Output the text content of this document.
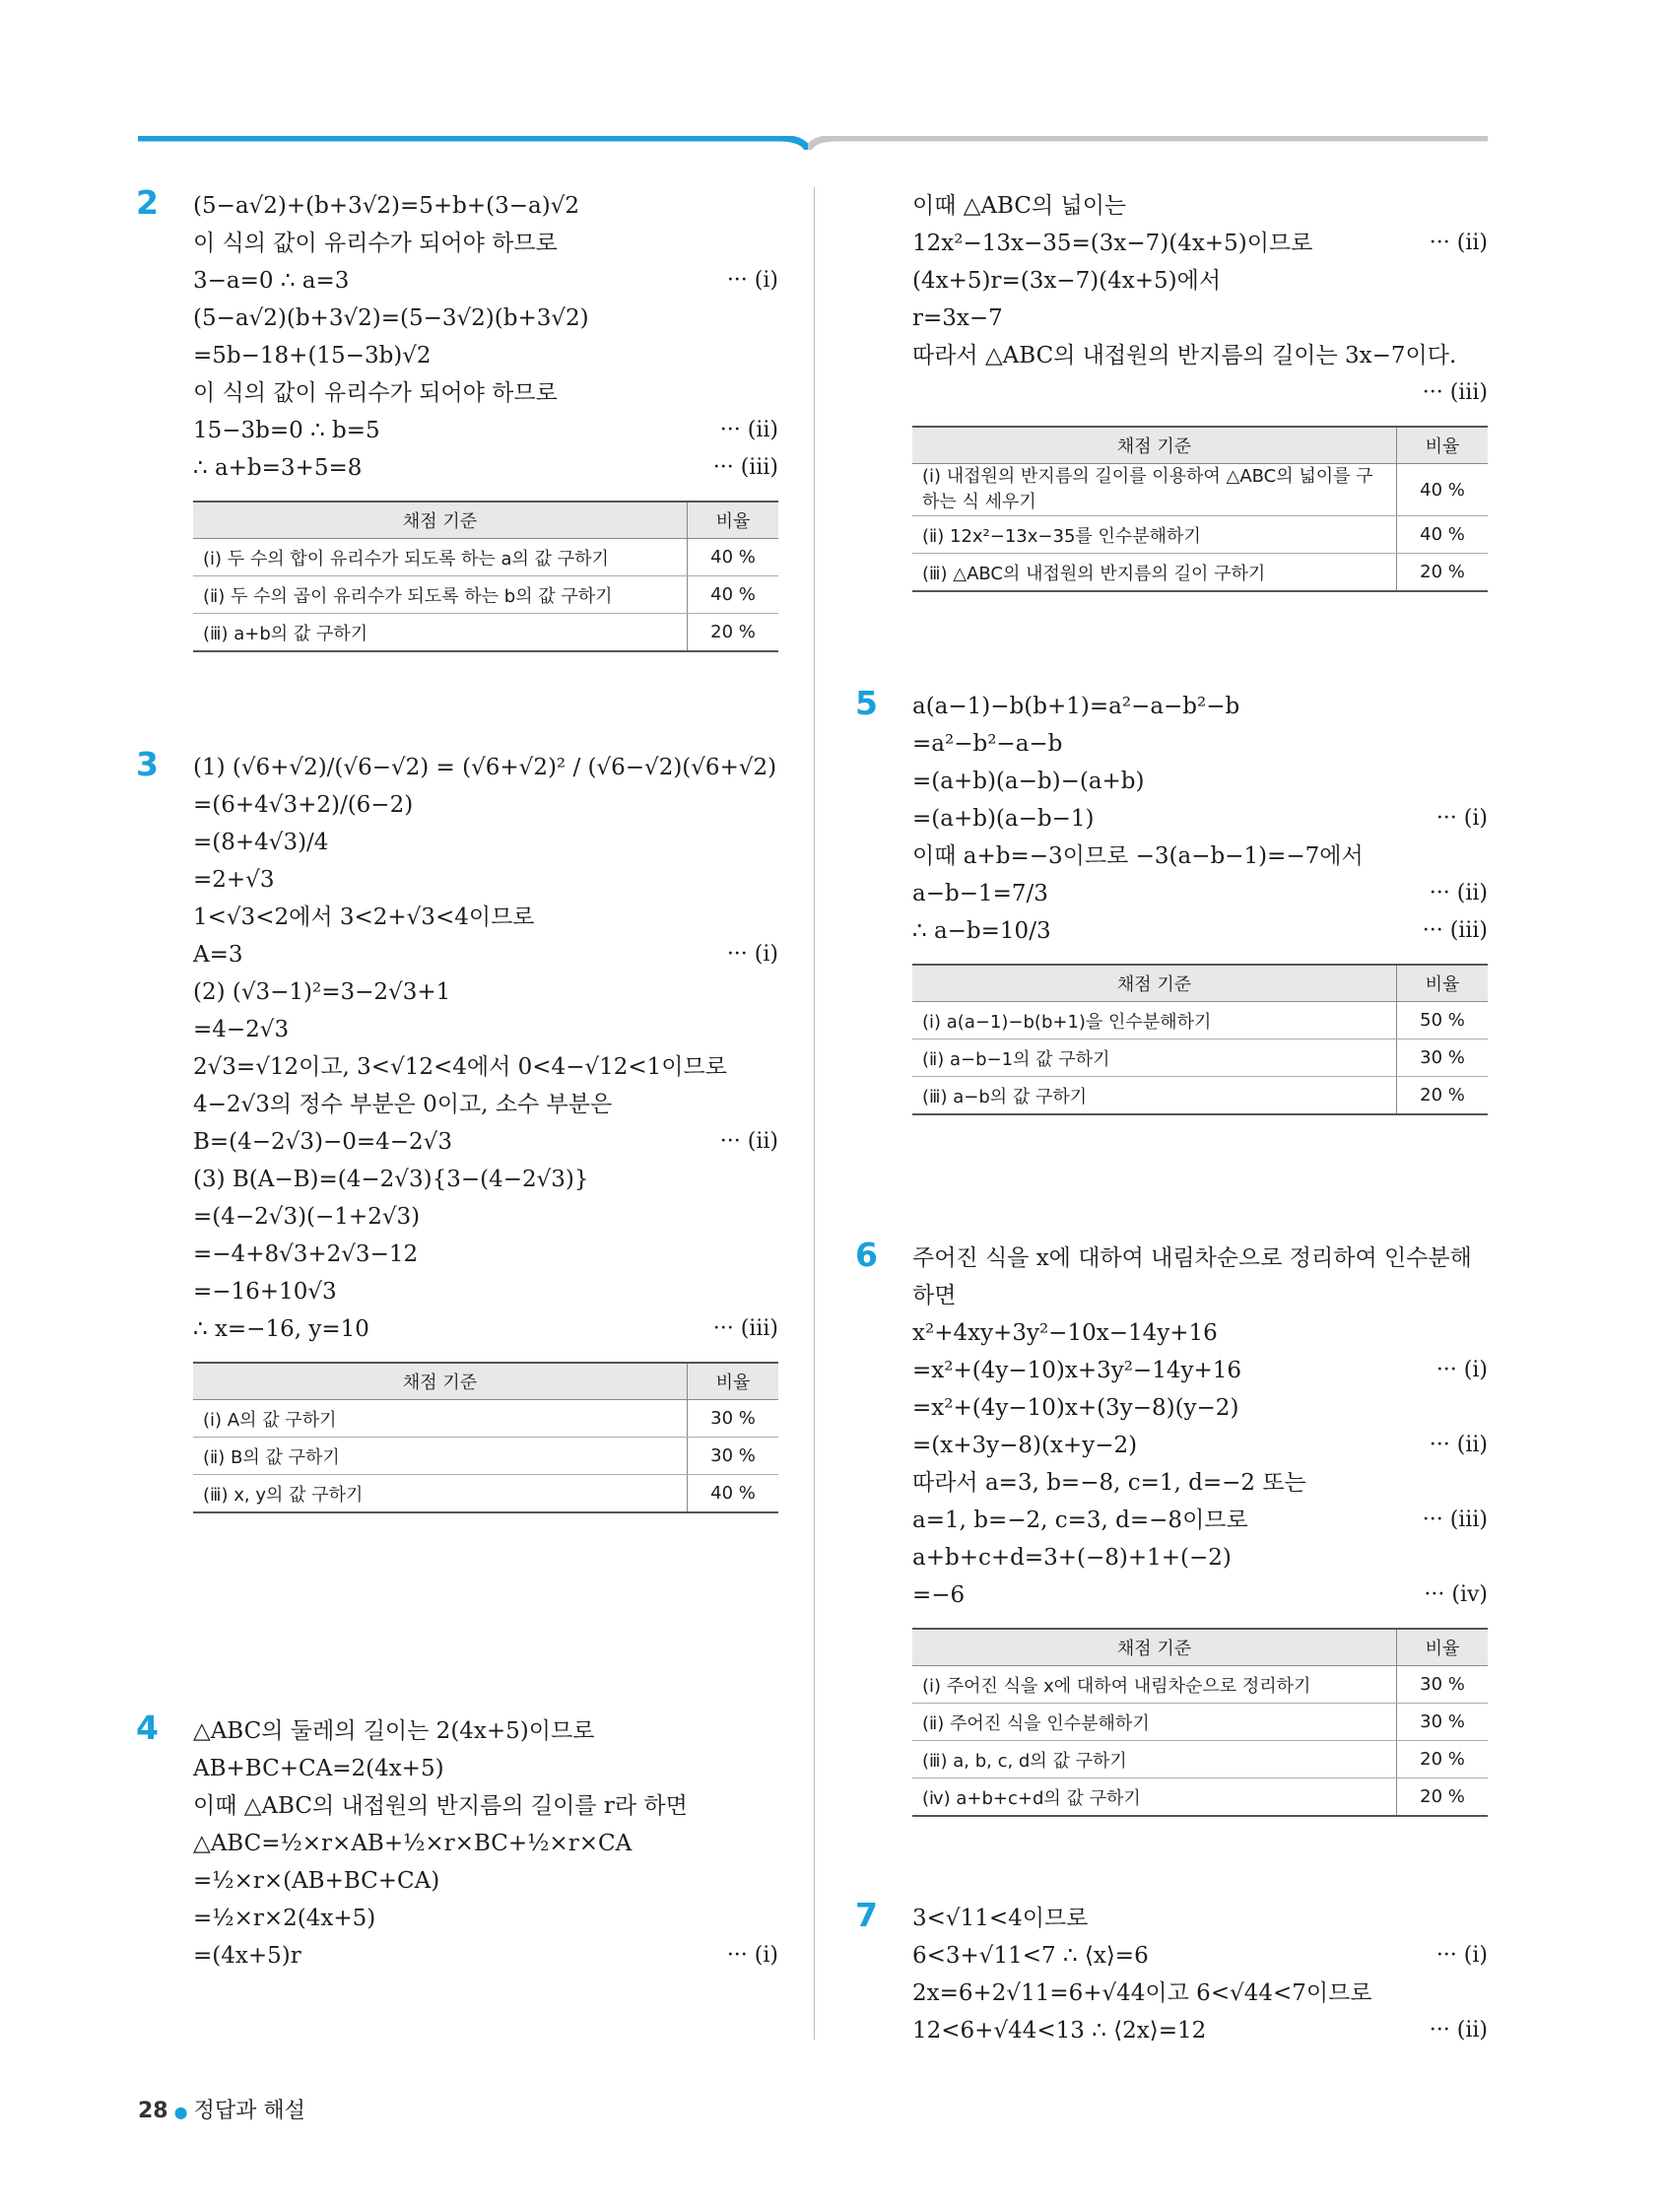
2 (5−a√2)+(b+3√2)=5+b+(3−a)√2
이 식의 값이 유리수가 되어야 하므로
3−a=0 ∴ a=3	··· (ⅰ)
(5−a√2)(b+3√2)=(5−3√2)(b+3√2)
=5b−18+(15−3b)√2
이 식의 값이 유리수가 되어야 하므로
15−3b=0 ∴ b=5	··· (ⅱ)
∴ a+b=3+5=8	··· (ⅲ)
채점 기준	비율
(ⅰ) 두 수의 합이 유리수가 되도록 하는 a의 값 구하기	40 %
(ⅱ) 두 수의 곱이 유리수가 되도록 하는 b의 값 구하기	40 %
(ⅲ) a+b의 값 구하기	20 %
3 (1) (√6+√2)/(√6−√2) = (√6+√2)² / (√6−√2)(√6+√2)
=(6+4√3+2)/(6−2)
=(8+4√3)/4
=2+√3
1<√3<2에서 3<2+√3<4이므로
A=3	··· (ⅰ)
(2) (√3−1)²=3−2√3+1
=4−2√3
2√3=√12이고, 3<√12<4에서 0<4−√12<1이므로
4−2√3의 정수 부분은 0이고, 소수 부분은
B=(4−2√3)−0=4−2√3	··· (ⅱ)
(3) B(A−B)=(4−2√3){3−(4−2√3)}
=(4−2√3)(−1+2√3)
=−4+8√3+2√3−12
=−16+10√3
∴ x=−16, y=10	··· (ⅲ)
채점 기준	비율
(ⅰ) A의 값 구하기	30 %
(ⅱ) B의 값 구하기	30 %
(ⅲ) x, y의 값 구하기	40 %
4 △ABC의 둘레의 길이는 2(4x+5)이므로
AB+BC+CA=2(4x+5)
이때 △ABC의 내접원의 반지름의 길이를 r라 하면
△ABC=½×r×AB+½×r×BC+½×r×CA
=½×r×(AB+BC+CA)
=½×r×2(4x+5)
=(4x+5)r	··· (ⅰ)
이때 △ABC의 넓이는
12x²−13x−35=(3x−7)(4x+5)이므로	··· (ⅱ)
(4x+5)r=(3x−7)(4x+5)에서
r=3x−7
따라서 △ABC의 내접원의 반지름의 길이는 3x−7이다.
··· (ⅲ)
채점 기준	비율
(ⅰ) 내접원의 반지름의 길이를 이용하여 △ABC의 넓이를 구하는 식 세우기	40 %
(ⅱ) 12x²−13x−35를 인수분해하기	40 %
(ⅲ) △ABC의 내접원의 반지름의 길이 구하기	20 %
5 a(a−1)−b(b+1)=a²−a−b²−b
=a²−b²−a−b
=(a+b)(a−b)−(a+b)
=(a+b)(a−b−1)	··· (ⅰ)
이때 a+b=−3이므로 −3(a−b−1)=−7에서
a−b−1=7/3	··· (ⅱ)
∴ a−b=10/3	··· (ⅲ)
채점 기준	비율
(ⅰ) a(a−1)−b(b+1)을 인수분해하기	50 %
(ⅱ) a−b−1의 값 구하기	30 %
(ⅲ) a−b의 값 구하기	20 %
6 주어진 식을 x에 대하여 내림차순으로 정리하여 인수분해
하면
x²+4xy+3y²−10x−14y+16
=x²+(4y−10)x+3y²−14y+16	··· (ⅰ)
=x²+(4y−10)x+(3y−8)(y−2)
=(x+3y−8)(x+y−2)	··· (ⅱ)
따라서 a=3, b=−8, c=1, d=−2 또는
a=1, b=−2, c=3, d=−8이므로	··· (ⅲ)
a+b+c+d=3+(−8)+1+(−2)
=−6	··· (ⅳ)
채점 기준	비율
(ⅰ) 주어진 식을 x에 대하여 내림차순으로 정리하기	30 %
(ⅱ) 주어진 식을 인수분해하기	30 %
(ⅲ) a, b, c, d의 값 구하기	20 %
(ⅳ) a+b+c+d의 값 구하기	20 %
7 3<√11<4이므로
6<3+√11<7 ∴ ⟨x⟩=6	··· (ⅰ)
2x=6+2√11=6+√44이고 6<√44<7이므로
12<6+√44<13 ∴ ⟨2x⟩=12	··· (ⅱ)
28 ● 정답과 해설
